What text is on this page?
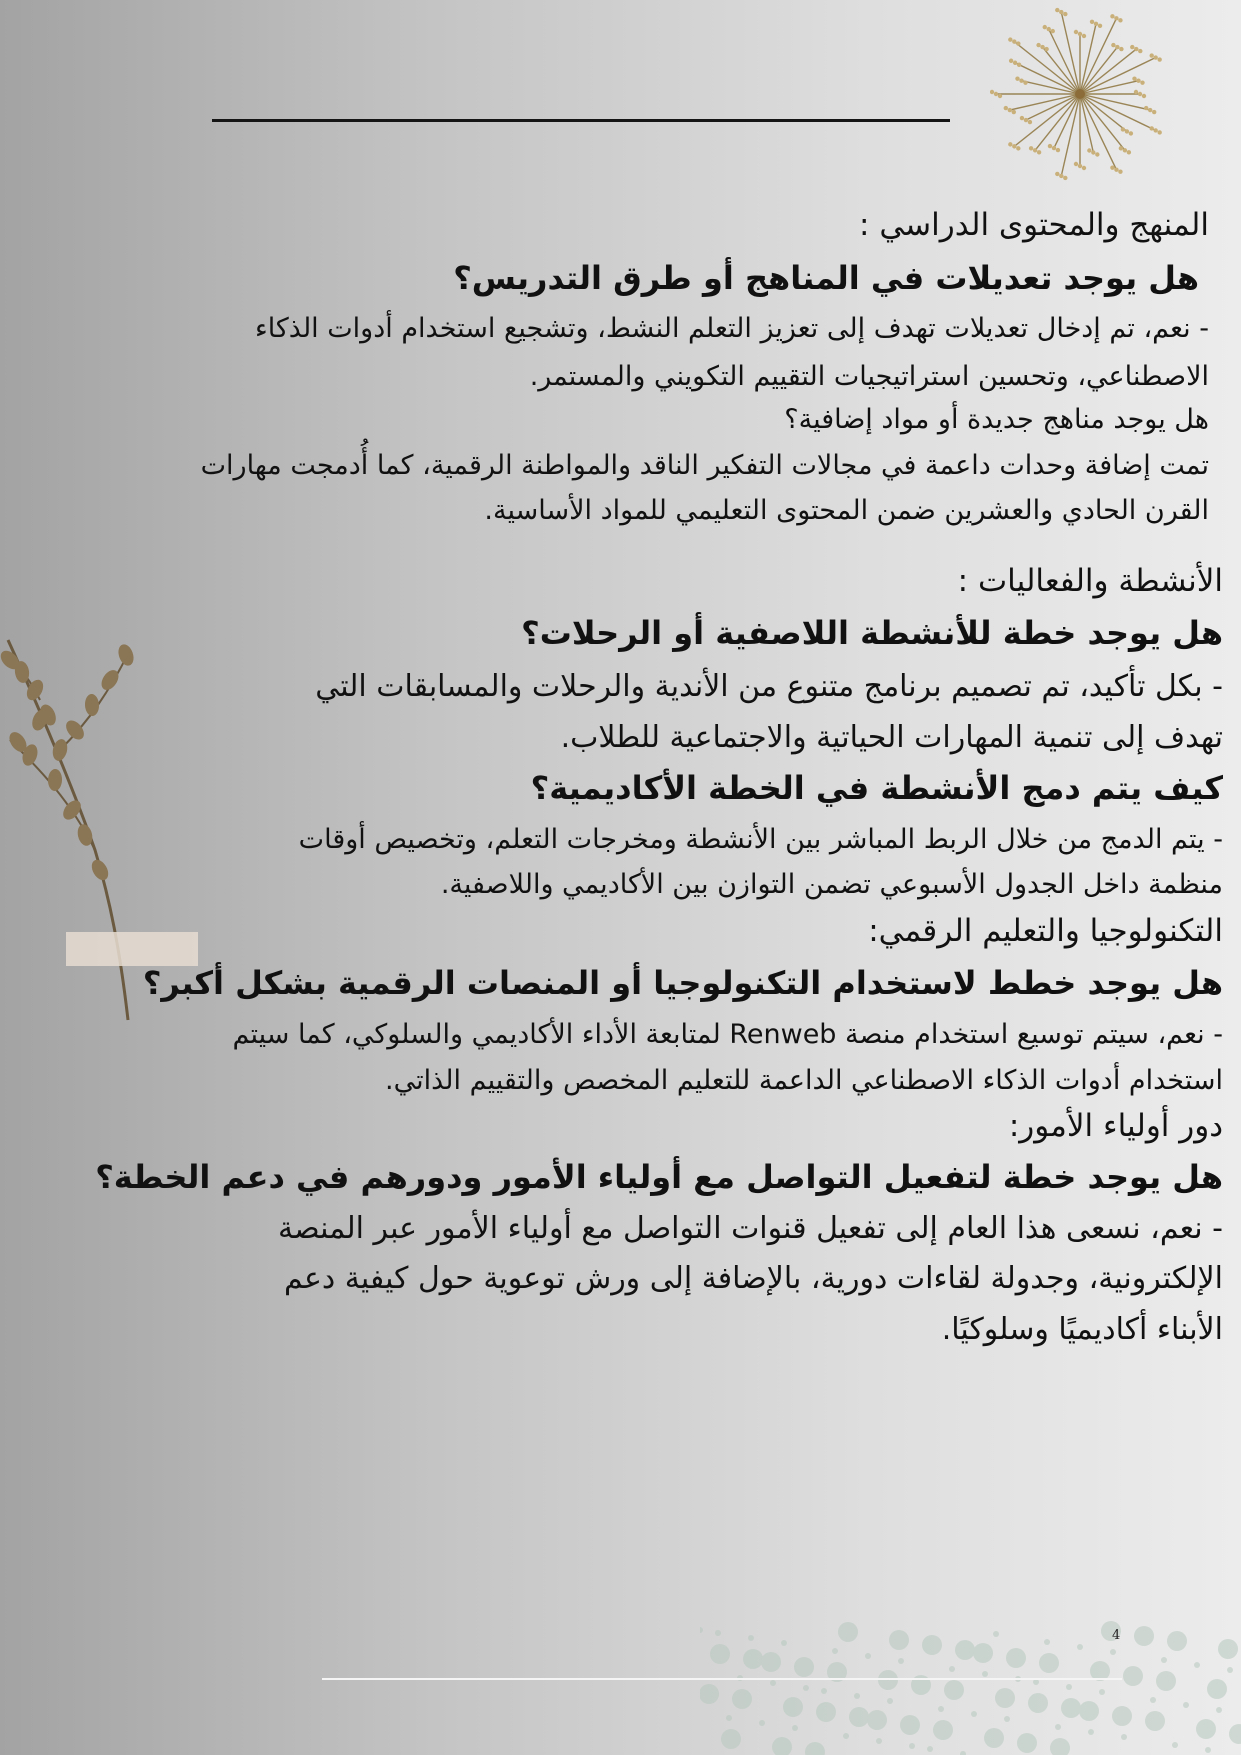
4

المنهج والمحتوى الدراسي :

هل يوجد تعديلات في المناهج أو طرق التدريس؟

- نعم، تم إدخال تعديلات تهدف إلى تعزيز التعلم النشط، وتشجيع استخدام أدوات الذكاء

الاصطناعي، وتحسين استراتيجيات التقييم التكويني والمستمر.

هل يوجد مناهج جديدة أو مواد إضافية؟

تمت إضافة وحدات داعمة في مجالات التفكير الناقد والمواطنة الرقمية، كما أُدمجت مهارات

القرن الحادي والعشرين ضمن المحتوى التعليمي للمواد الأساسية.

الأنشطة والفعاليات :

هل يوجد خطة للأنشطة اللاصفية أو الرحلات؟

- بكل تأكيد، تم تصميم برنامج متنوع من الأندية والرحلات والمسابقات التي

تهدف إلى تنمية المهارات الحياتية والاجتماعية للطلاب.

كيف يتم دمج الأنشطة في الخطة الأكاديمية؟

- يتم الدمج من خلال الربط المباشر بين الأنشطة ومخرجات التعلم، وتخصيص أوقات

منظمة داخل الجدول الأسبوعي تضمن التوازن بين الأكاديمي واللاصفية.

التكنولوجيا والتعليم الرقمي:

هل يوجد خطط لاستخدام التكنولوجيا أو المنصات الرقمية بشكل أكبر؟

- نعم، سيتم توسيع استخدام منصة Renweb لمتابعة الأداء الأكاديمي والسلوكي، كما سيتم

استخدام أدوات الذكاء الاصطناعي الداعمة للتعليم المخصص والتقييم الذاتي.

دور أولياء الأمور:

هل يوجد خطة لتفعيل التواصل مع أولياء الأمور ودورهم في دعم الخطة؟

- نعم، نسعى هذا العام إلى تفعيل قنوات التواصل مع أولياء الأمور عبر المنصة

الإلكترونية، وجدولة لقاءات دورية، بالإضافة إلى ورش توعوية حول كيفية دعم

الأبناء أكاديميًا وسلوكيًا.
